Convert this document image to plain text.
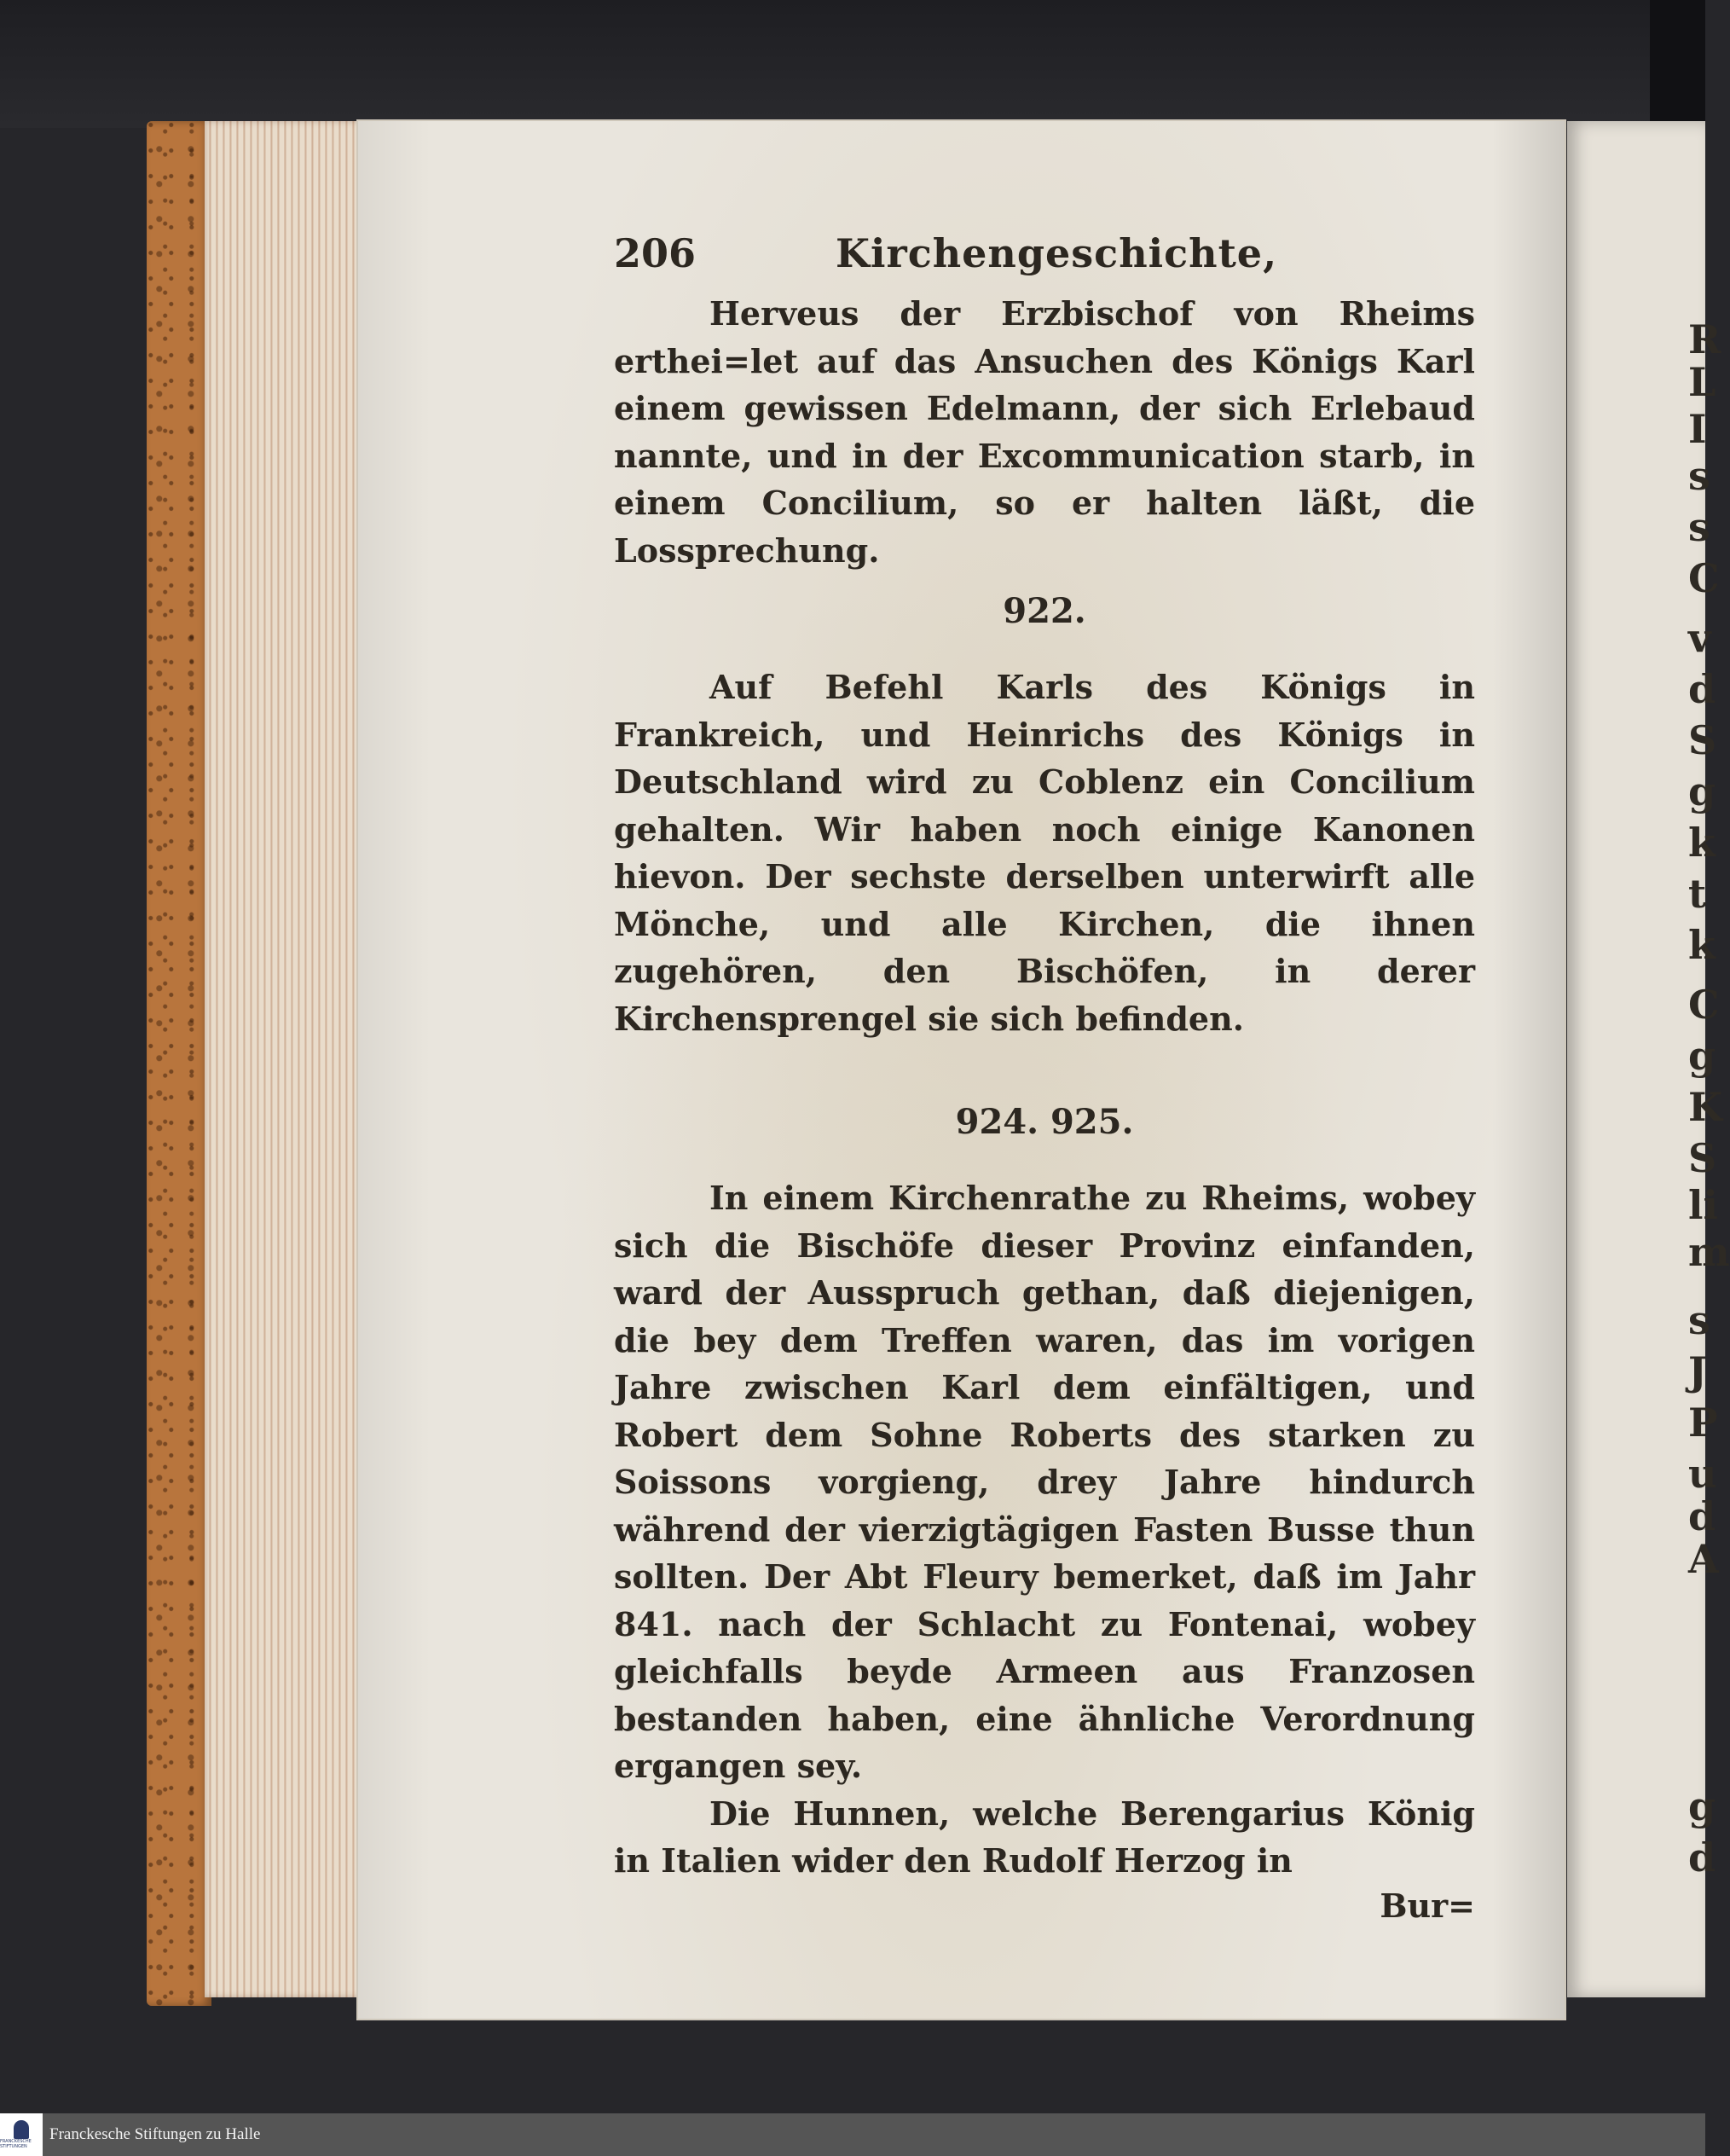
206	Kirchengeschichte,

Herveus der Erzbischof von Rheims erthei=let auf das Ansuchen des Königs Karl einem gewissen Edelmann, der sich Erlebaud nannte, und in der Excommunication starb, in einem Concilium, so er halten läßt, die Lossprechung.

922.

Auf Befehl Karls des Königs in Frankreich, und Heinrichs des Königs in Deutschland wird zu Coblenz ein Concilium gehalten. Wir haben noch einige Kanonen hievon. Der sechste derselben unterwirft alle Mönche, und alle Kirchen, die ihnen zugehören, den Bischöfen, in derer Kirchensprengel sie sich befinden.

924. 925.

In einem Kirchenrathe zu Rheims, wobey sich die Bischöfe dieser Provinz einfanden, ward der Ausspruch gethan, daß diejenigen, die bey dem Treffen waren, das im vorigen Jahre zwischen Karl dem einfältigen, und Robert dem Sohne Roberts des starken zu Soissons vorgieng, drey Jahre hindurch während der vierzigtägigen Fasten Busse thun sollten. Der Abt Fleury bemerket, daß im Jahr 841. nach der Schlacht zu Fontenai, wobey gleichfalls beyde Armeen aus Franzosen bestanden haben, eine ähnliche Verordnung ergangen sey.

Die Hunnen, welche Berengarius König in Italien wider den Rudolf Herzog in

Bur=
FRANCKESCHE STIFTUNGEN
Franckesche Stiftungen zu Halle
R
L
I
s
s
C
v
d
S
g
k
t
k
C
g
K
S
li
m
s
J
P
u
d
A
g
d
